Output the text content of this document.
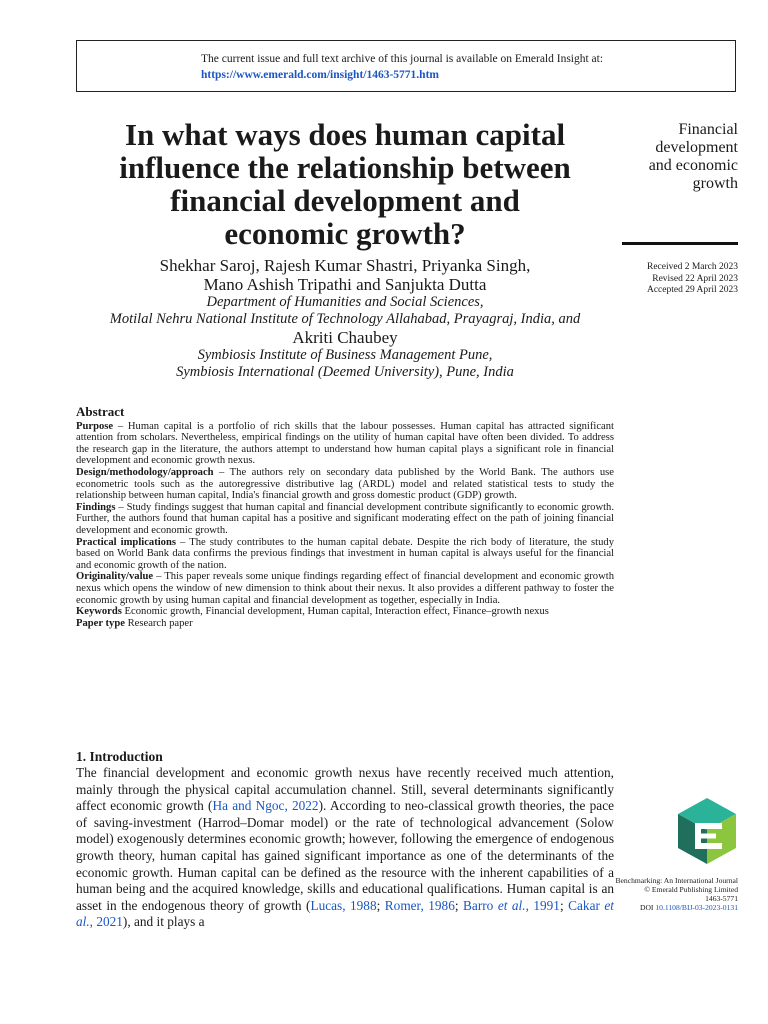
The current issue and full text archive of this journal is available on Emerald Insight at:
https://www.emerald.com/insight/1463-5771.htm
In what ways does human capital
influence the relationship between
financial development and
economic growth?
Financial
development
and economic
growth
Received 2 March 2023
Revised 22 April 2023
Accepted 29 April 2023
Shekhar Saroj, Rajesh Kumar Shastri, Priyanka Singh,
Mano Ashish Tripathi and Sanjukta Dutta
Department of Humanities and Social Sciences,
Motilal Nehru National Institute of Technology Allahabad, Prayagraj, India, and
Akriti Chaubey
Symbiosis Institute of Business Management Pune,
Symbiosis International (Deemed University), Pune, India
Abstract

Purpose – Human capital is a portfolio of rich skills that the labour possesses. Human capital has attracted significant attention from scholars. Nevertheless, empirical findings on the utility of human capital have often been divided. To address the research gap in the literature, the authors attempt to understand how human capital plays a significant role in financial development and economic growth nexus.

Design/methodology/approach – The authors rely on secondary data published by the World Bank. The authors use econometric tools such as the autoregressive distributive lag (ARDL) model and related statistical tests to study the relationship between human capital, India's financial growth and gross domestic product (GDP) growth.

Findings – Study findings suggest that human capital and financial development contribute significantly to economic growth. Further, the authors found that human capital has a positive and significant moderating effect on the path of joining financial development and economic growth.

Practical implications – The study contributes to the human capital debate. Despite the rich body of literature, the study based on World Bank data confirms the previous findings that investment in human capital is always useful for the financial and economic growth of the nation.

Originality/value – This paper reveals some unique findings regarding effect of financial development and economic growth nexus which opens the window of new dimension to think about their nexus. It also provides a different pathway to foster the economic growth by using human capital and financial development as together, especially in India.

Keywords Economic growth, Financial development, Human capital, Interaction effect, Finance–growth nexus

Paper type Research paper

1. Introduction

The financial development and economic growth nexus have recently received much attention, mainly through the physical capital accumulation channel. Still, several determinants significantly affect economic growth (Ha and Ngoc, 2022). According to neo-classical growth theories, the pace of saving-investment (Harrod–Domar model) or the rate of technological advancement (Solow model) exogenously determines economic growth; however, following the emergence of endogenous growth theory, human capital has gained significant importance as one of the determinants of the economic growth. Human capital can be defined as the resource with the inherent capabilities of a human being and the acquired knowledge, skills and educational qualifications. Human capital is an asset in the endogenous theory of growth (Lucas, 1988; Romer, 1986; Barro et al., 1991; Cakar et al., 2021), and it plays a

Benchmarking: An International Journal
© Emerald Publishing Limited
1463-5771
DOI 10.1108/BIJ-03-2023-0131
